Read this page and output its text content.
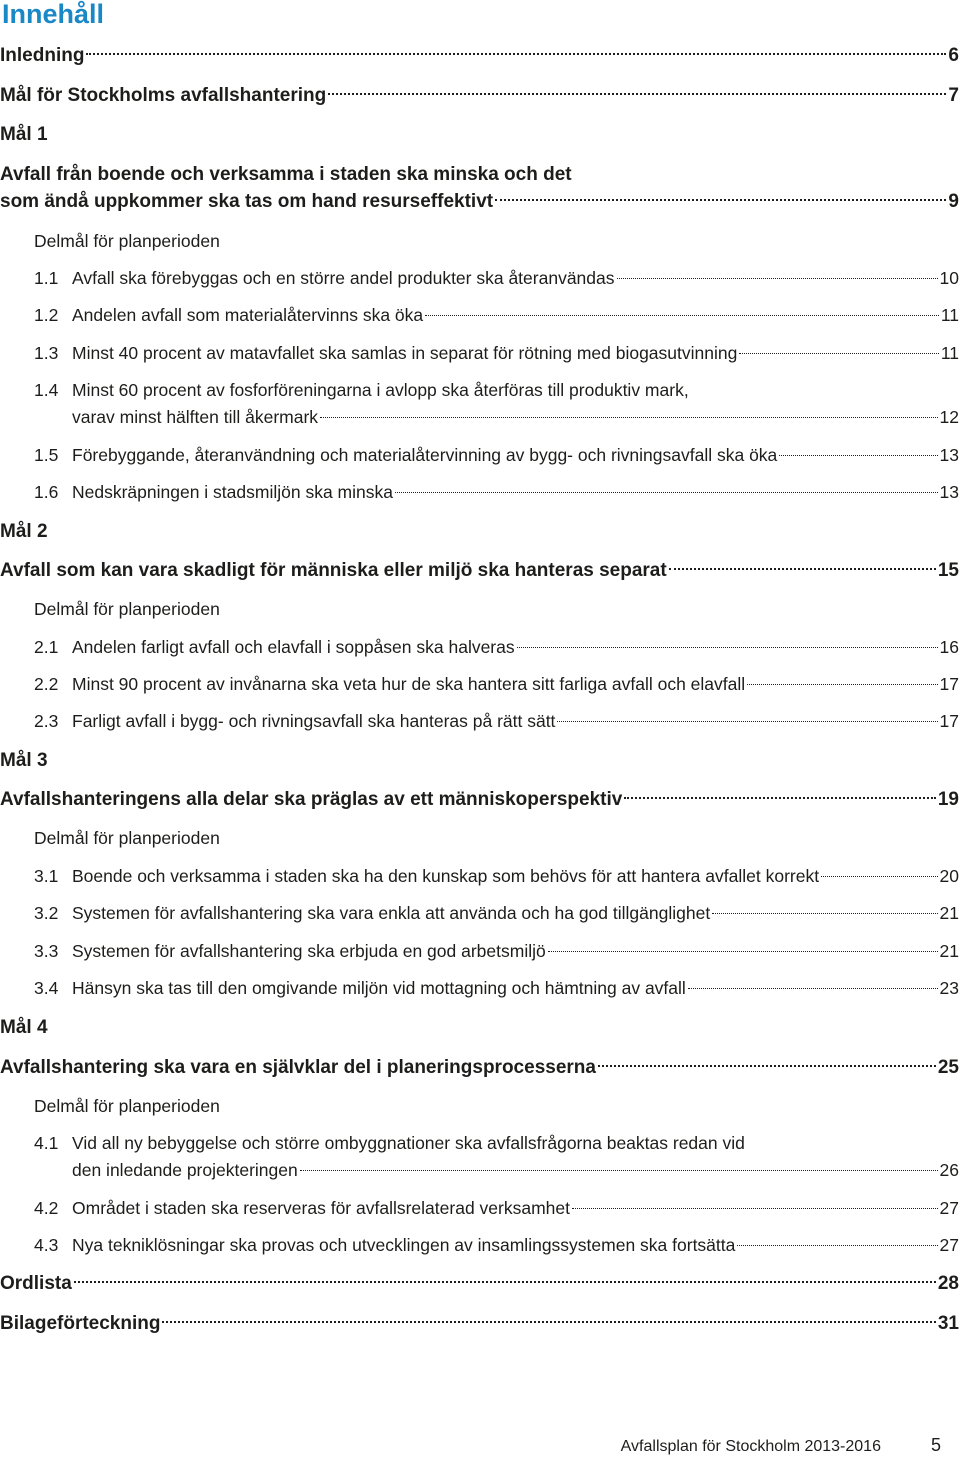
Innehåll
Inledning	6
Mål för Stockholms avfallshantering	7
Mål 1
Avfall från boende och verksamma i staden ska minska och det
som ändå uppkommer ska tas om hand resurseffektivt	9
Delmål för planperioden
1.1 Avfall ska förebyggas och en större andel produkter ska återanvändas	10
1.2 Andelen avfall som materialåtervinns ska öka	11
1.3 Minst 40 procent av matavfallet ska samlas in separat för rötning med biogasutvinning	11
1.4 Minst 60 procent av fosforföreningarna i avlopp ska återföras till produktiv mark,
varav minst hälften till åkermark	12
1.5 Förebyggande, återanvändning och materialåtervinning av bygg- och rivningsavfall ska öka	13
1.6 Nedskräpningen i stadsmiljön ska minska	13
Mål 2
Avfall som kan vara skadligt för människa eller miljö ska hanteras separat	15
Delmål för planperioden
2.1 Andelen farligt avfall och elavfall i soppåsen ska halveras	16
2.2 Minst 90 procent av invånarna ska veta hur de ska hantera sitt farliga avfall och elavfall	17
2.3 Farligt avfall i bygg- och rivningsavfall ska hanteras på rätt sätt	17
Mål 3
Avfallshanteringens alla delar ska präglas av ett människoperspektiv	19
Delmål för planperioden
3.1 Boende och verksamma i staden ska ha den kunskap som behövs för att hantera avfallet korrekt	20
3.2 Systemen för avfallshantering ska vara enkla att använda och ha god tillgänglighet	21
3.3 Systemen för avfallshantering ska erbjuda en god arbetsmiljö	21
3.4 Hänsyn ska tas till den omgivande miljön vid mottagning och hämtning av avfall	23
Mål 4
Avfallshantering ska vara en självklar del i planeringsprocesserna	25
Delmål för planperioden
4.1 Vid all ny bebyggelse och större ombyggnationer ska avfallsfrågorna beaktas redan vid
den inledande projekteringen	26
4.2 Området i staden ska reserveras för avfallsrelaterad verksamhet	27
4.3 Nya tekniklösningar ska provas och utvecklingen av insamlingssystemen ska fortsätta	27
Ordlista	28
Bilageförteckning	31
Avfallsplan för Stockholm 2013-2016	5
